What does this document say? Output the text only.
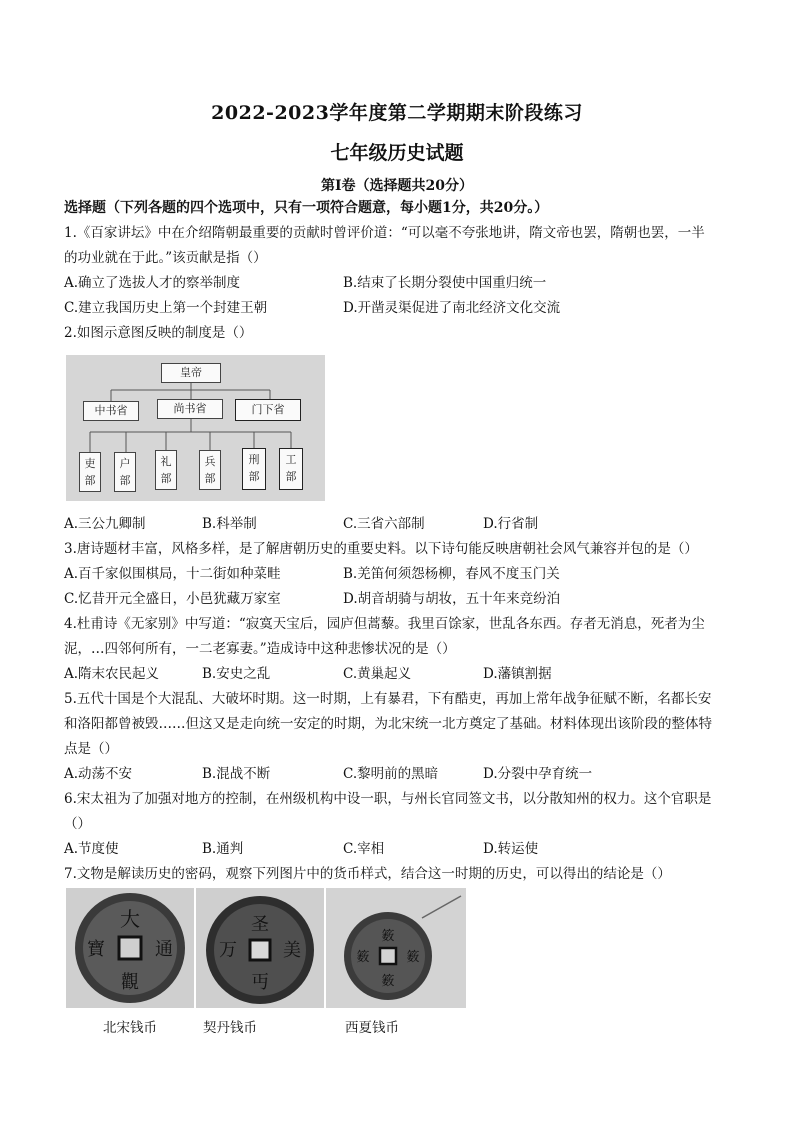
2022-2023学年度第二学期期末阶段练习
七年级历史试题
第Ⅰ卷（选择题共20分）
选择题（下列各题的四个选项中，只有一项符合题意，每小题1分，共20分。）
1.《百家讲坛》中在介绍隋朝最重要的贡献时曾评价道：“可以毫不夸张地讲，隋文帝也罢，隋朝也罢，一半
的功业就在于此。”该贡献是指（）
A.确立了选拔人才的察举制度	B.结束了长期分裂使中国重归统一
C.建立我国历史上第一个封建王朝	D.开凿灵渠促进了南北经济文化交流
2.如图示意图反映的制度是（）
皇帝
中书省	尚书省	门下省
吏
部
户
部
礼
部
兵
部
刑
部
工
部
A.三公九卿制	B.科举制	C.三省六部制	D.行省制
3.唐诗题材丰富，风格多样，是了解唐朝历史的重要史料。以下诗句能反映唐朝社会风气兼容并包的是（）
A.百千家似围棋局，十二街如种菜畦	B.羌笛何须怨杨柳，春风不度玉门关
C.忆昔开元全盛日，小邑犹藏万家室	D.胡音胡骑与胡妆，五十年来竞纷泊
4.杜甫诗《无家别》中写道：“寂寞天宝后，园庐但蒿藜。我里百馀家，世乱各东西。存者无消息，死者为尘
泥，…四邻何所有，一二老寡妻。”造成诗中这种悲惨状况的是（）
A.隋末农民起义	B.安史之乱	C.黄巢起义	D.藩镇割据
5.五代十国是个大混乱、大破坏时期。这一时期，上有暴君，下有酷吏，再加上常年战争征赋不断，名都长安
和洛阳都曾被毁……但这又是走向统一安定的时期，为北宋统一北方奠定了基础。材料体现出该阶段的整体特
点是（）
A.动荡不安	B.混战不断	C.黎明前的黑暗	D.分裂中孕育统一
6.宋太祖为了加强对地方的控制，在州级机构中设一职，与州长官同签文书，以分散知州的权力。这个官职是
（）
A.节度使	B.通判	C.宰相	D.转运使
7.文物是解读历史的密码，观察下列图片中的货币样式，结合这一时期的历史，可以得出的结论是（）
大
通
觀
寶
圣
美
丏
万
䉤
䉤
䉤
䉤
北宋钱币	契丹钱币	西夏钱币
